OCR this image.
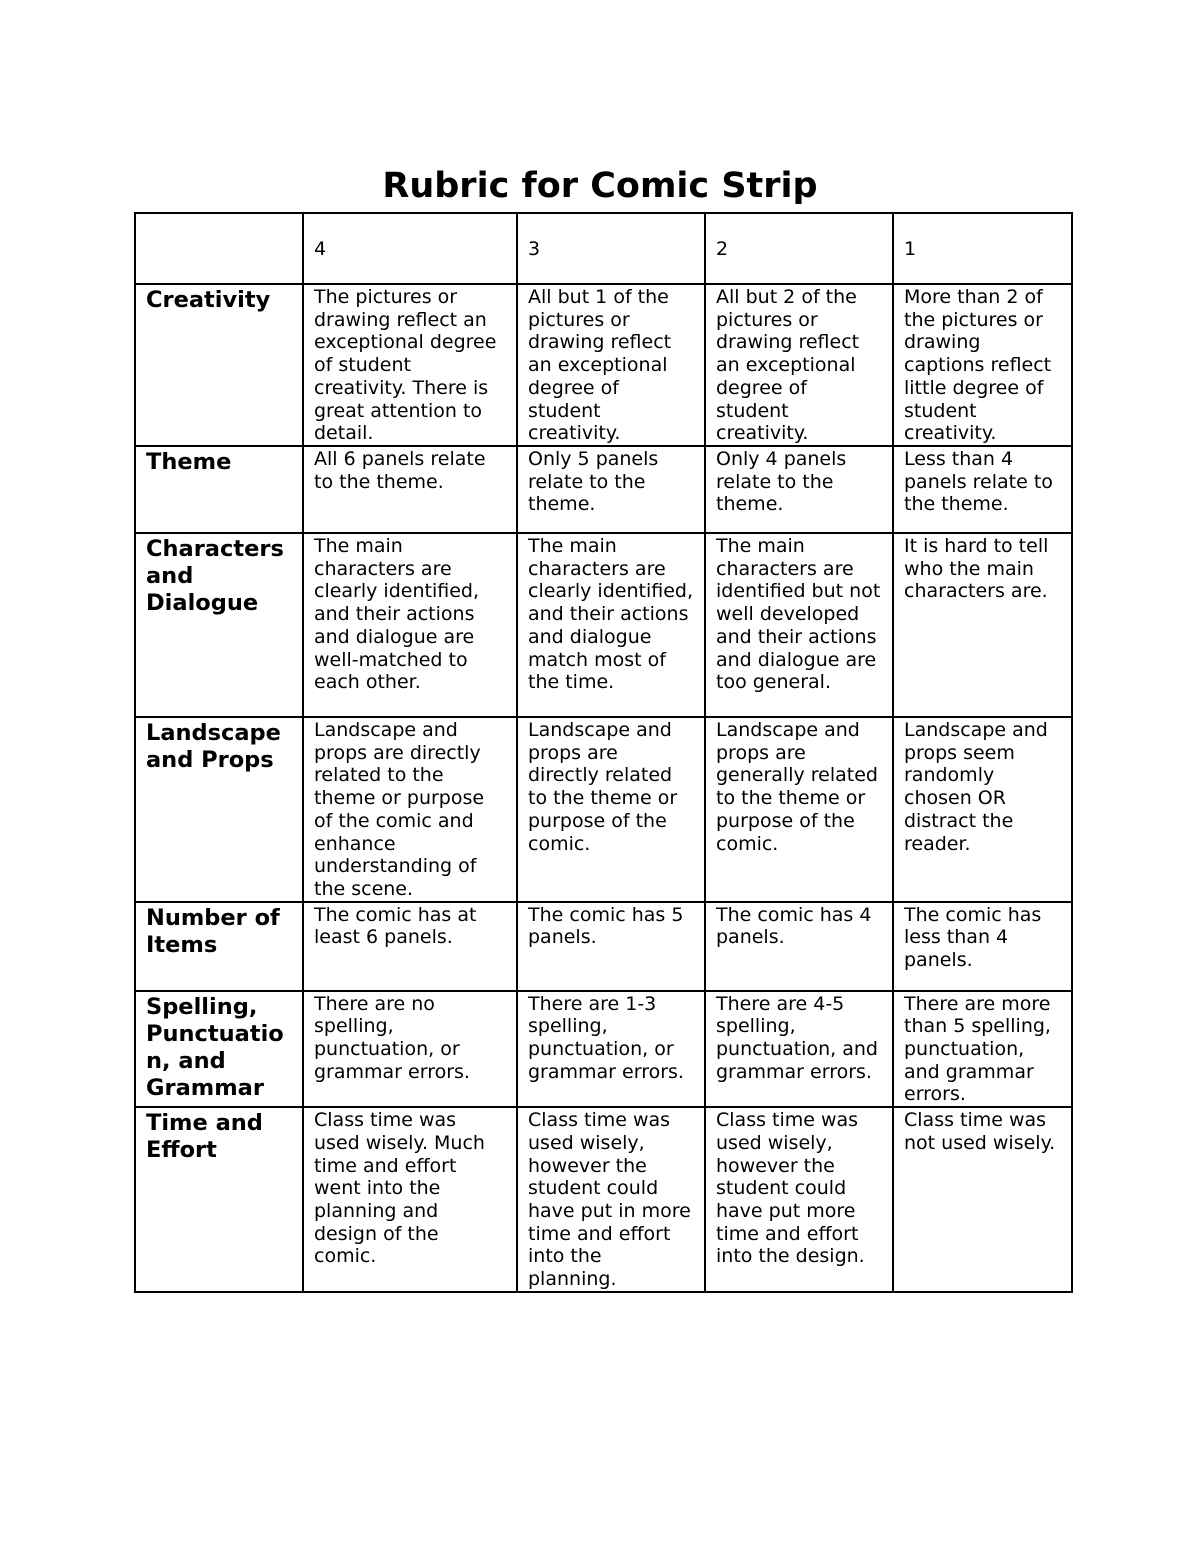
Rubric for Comic Strip
	4	3	2	1
Creativity	The pictures or drawing reflect an exceptional degree of student creativity. There is great attention to detail.	All but 1 of the pictures or drawing reflect an exceptional degree of student creativity.	All but 2 of the pictures or drawing reflect an exceptional degree of student creativity.	More than 2 of the pictures or drawing captions reflect little degree of student creativity.
Theme	All 6 panels relate to the theme.	Only 5 panels relate to the theme.	Only 4 panels relate to the theme.	Less than 4 panels relate to the theme.
Characters and Dialogue	The main characters are clearly identified, and their actions and dialogue are well-matched to each other.	The main characters are clearly identified, and their actions and dialogue match most of the time.	The main characters are identified but not well developed and their actions and dialogue are too general.	It is hard to tell who the main characters are.
Landscape and Props	Landscape and props are directly related to the theme or purpose of the comic and enhance understanding of the scene.	Landscape and props are directly related to the theme or purpose of the comic.	Landscape and props are generally related to the theme or purpose of the comic.	Landscape and props seem randomly chosen OR distract the reader.
Number of Items	The comic has at least 6 panels.	The comic has 5 panels.	The comic has 4 panels.	The comic has less than 4 panels.
Spelling, Punctuation, and Grammar	There are no spelling, punctuation, or grammar errors.	There are 1-3 spelling, punctuation, or grammar errors.	There are 4-5 spelling, punctuation, and grammar errors.	There are more than 5 spelling, punctuation, and grammar errors.
Time and Effort	Class time was used wisely. Much time and effort went into the planning and design of the comic.	Class time was used wisely, however the student could have put in more time and effort into the planning.	Class time was used wisely, however the student could have put more time and effort into the design.	Class time was not used wisely.
